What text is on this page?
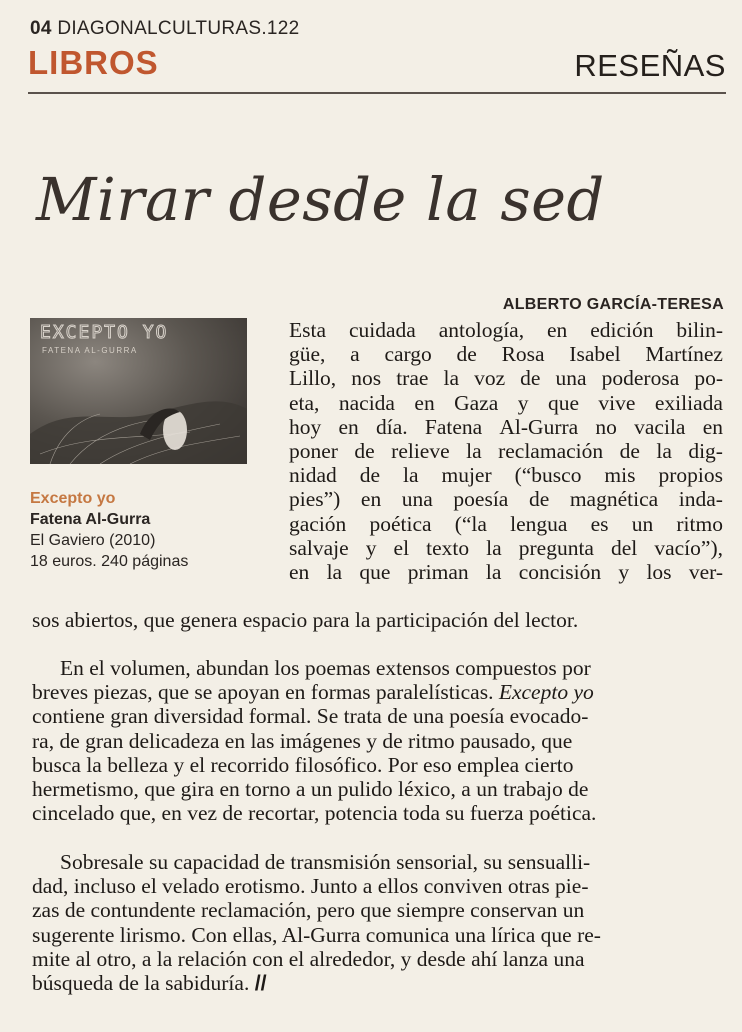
04 DIAGONALCULTURAS.122
LIBROS	RESEÑAS
Mirar desde la sed
ALBERTO GARCÍA-TERESA
EXCEPTO YO
FATENA AL-GURRA
Excepto yo
Fatena Al-Gurra
El Gaviero (2010)
18 euros. 240 páginas
Esta cuidada antología, en edición bilin-
güe, a cargo de Rosa Isabel Martínez
Lillo, nos trae la voz de una poderosa po-
eta, nacida en Gaza y que vive exiliada
hoy en día. Fatena Al-Gurra no vacila en
poner de relieve la reclamación de la dig-
nidad de la mujer (“busco mis propios
pies”) en una poesía de magnética inda-
gación poética (“la lengua es un ritmo
salvaje y el texto la pregunta del vacío”),
en la que priman la concisión y los ver-
sos abiertos, que genera espacio para la participación del lector.
En el volumen, abundan los poemas extensos compuestos por
breves piezas, que se apoyan en formas paralelísticas. Excepto yo
contiene gran diversidad formal. Se trata de una poesía evocado-
ra, de gran delicadeza en las imágenes y de ritmo pausado, que
busca la belleza y el recorrido filosófico. Por eso emplea cierto
hermetismo, que gira en torno a un pulido léxico, a un trabajo de
cincelado que, en vez de recortar, potencia toda su fuerza poética.
Sobresale su capacidad de transmisión sensorial, su sensualli-
dad, incluso el velado erotismo. Junto a ellos conviven otras pie-
zas de contundente reclamación, pero que siempre conservan un
sugerente lirismo. Con ellas, Al-Gurra comunica una lírica que re-
mite al otro, a la relación con el alrededor, y desde ahí lanza una
búsqueda de la sabiduría. //
